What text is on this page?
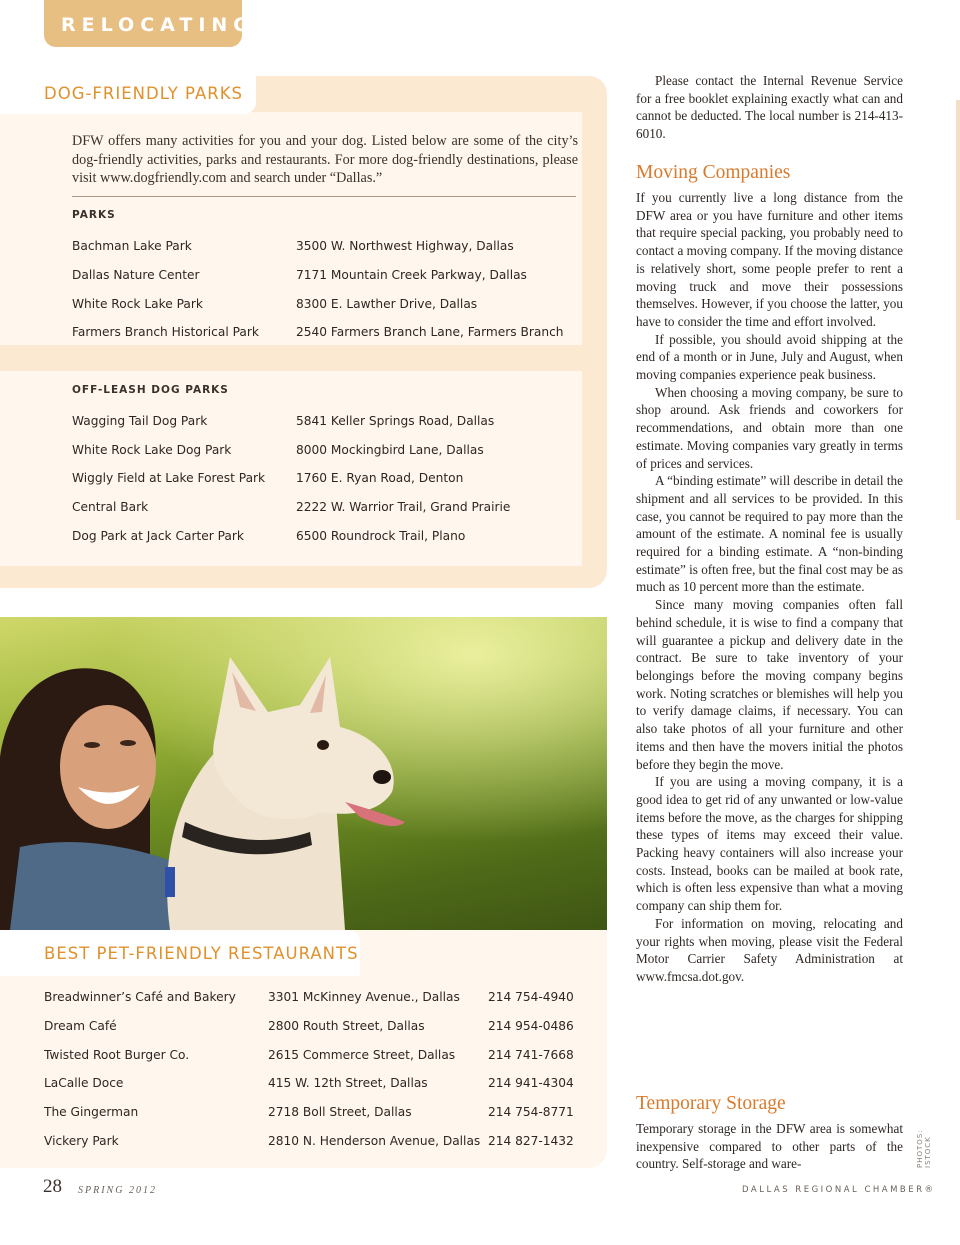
RELOCATING
DOG-FRIENDLY PARKS
DFW offers many activities for you and your dog. Listed below are some of the city’s dog-friendly activities, parks and restaurants. For more dog-friendly destinations, please visit www.dogfriendly.com and search under “Dallas.”
PARKS
Bachman Lake Park	3500 W. Northwest Highway, Dallas
Dallas Nature Center	7171 Mountain Creek Parkway, Dallas
White Rock Lake Park	8300 E. Lawther Drive, Dallas
Farmers Branch Historical Park	2540 Farmers Branch Lane, Farmers Branch
Wagging Tail Dog Park	5841 Keller Springs Road, Dallas
White Rock Lake Dog Park	8000 Mockingbird Lane, Dallas
Wiggly Field at Lake Forest Park	1760 E. Ryan Road, Denton
Central Bark	2222 W. Warrior Trail, Grand Prairie
Dog Park at Jack Carter Park	6500 Roundrock Trail, Plano
OFF-LEASH DOG PARKS
BEST PET-FRIENDLY RESTAURANTS
Breadwinner’s Café and Bakery	3301 McKinney Avenue., Dallas 214 754-4940
Dream Café	2800 Routh Street, Dallas	214 954-0486
Twisted Root Burger Co.	2615 Commerce Street, Dallas	214 741-7668
LaCalle Doce	415 W. 12th Street, Dallas	214 941-4304
The Gingerman	2718 Boll Street, Dallas	214 754-8771
Vickery Park	2810 N. Henderson Avenue, Dallas 214 827-1432

Please contact the Internal Revenue Service for a free booklet explaining exactly what can and cannot be deducted. The local number is 214-413-6010.

Moving Companies

If you currently live a long distance from the DFW area or you have furniture and other items that require special packing, you probably need to contact a moving company. If the moving distance is relatively short, some people prefer to rent a moving truck and move their possessions themselves. However, if you choose the latter, you have to consider the time and effort involved.

If possible, you should avoid shipping at the end of a month or in June, July and August, when moving companies experience peak business.

When choosing a moving company, be sure to shop around. Ask friends and coworkers for recommendations, and obtain more than one estimate. Moving companies vary greatly in terms of prices and services.

A “binding estimate” will describe in detail the shipment and all services to be provided. In this case, you cannot be required to pay more than the amount of the estimate. A nominal fee is usually required for a binding estimate. A “non-binding estimate” is often free, but the final cost may be as much as 10 percent more than the estimate.

Since many moving companies often fall behind schedule, it is wise to find a company that will guarantee a pickup and delivery date in the contract. Be sure to take inventory of your belongings before the moving company begins work. Noting scratches or blemishes will help you to verify damage claims, if necessary. You can also take photos of all your furniture and other items and then have the movers initial the photos before they begin the move.

If you are using a moving company, it is a good idea to get rid of any unwanted or low-value items before the move, as the charges for shipping these types of items may exceed their value. Packing heavy containers will also increase your costs. Instead, books can be mailed at book rate, which is often less expensive than what a moving company can ship them for.

For information on moving, relocating and your rights when moving, please visit the Federal Motor Carrier Safety Administration at www.fmcsa.dot.gov.

Temporary Storage

Temporary storage in the DFW area is somewhat inexpensive compared to other parts of the country. Self-storage and ware-

28 SPRING 2012	DALLAS REGIONAL CHAMBER®
PHOTOS: ISTOCK
